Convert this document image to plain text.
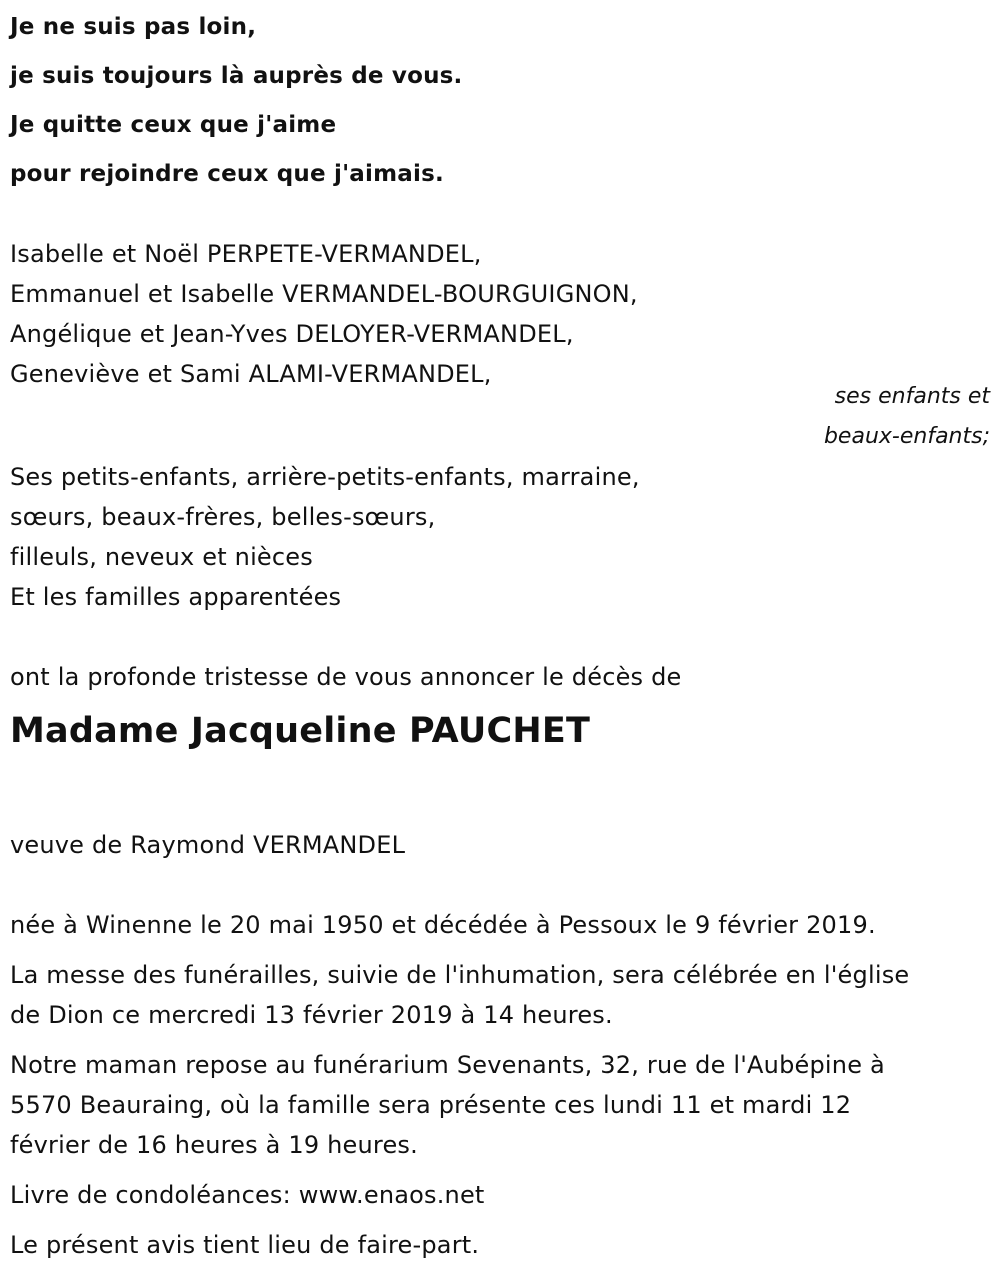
Je ne suis pas loin,
je suis toujours là auprès de vous.
Je quitte ceux que j'aime
pour rejoindre ceux que j'aimais.
Isabelle et Noël PERPETE-VERMANDEL,
Emmanuel et Isabelle VERMANDEL-BOURGUIGNON,
Angélique et Jean-Yves DELOYER-VERMANDEL,
Geneviève et Sami ALAMI-VERMANDEL,
ses enfants et
beaux-enfants;
Ses petits-enfants, arrière-petits-enfants, marraine,
sœurs, beaux-frères, belles-sœurs,
filleuls, neveux et nièces
Et les familles apparentées
ont la profonde tristesse de vous annoncer le décès de
Madame Jacqueline PAUCHET
veuve de Raymond VERMANDEL
née à Winenne le 20 mai 1950 et décédée à Pessoux le 9 février 2019.
La messe des funérailles, suivie de l'inhumation, sera célébrée en l'église
de Dion ce mercredi 13 février 2019 à 14 heures.
Notre maman repose au funérarium Sevenants, 32, rue de l'Aubépine à
5570 Beauraing, où la famille sera présente ces lundi 11 et mardi 12
février de 16 heures à 19 heures.
Livre de condoléances: www.enaos.net
Le présent avis tient lieu de faire-part.
